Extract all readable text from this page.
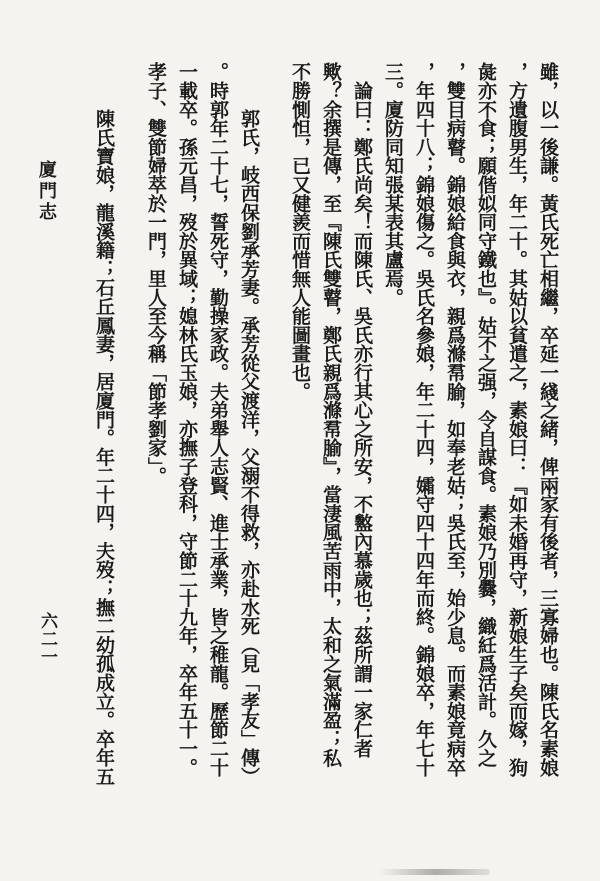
雖，以一後謙。黃氏死亡相繼，卒延一綫之緒，俾兩家有後者，三寡婦也。陳氏名素娘
，方遺腹男生，年二十。其姑以貧遣之，素娘曰：『如未婚再守，新娘生子矣而嫁，狗
彘亦不食；願偕姒同守鐵也』。姑不之强，令自謀食。素娘乃別爨，織紝爲活計。久之
，雙目病瞽。錦娘給食與衣，親爲滌帬腧，如奉老姑；吳氏至，始少息。而素娘竟病卒
，年四十八；錦娘傷之。吳氏名參娘，年二十四，孀守四十四年而終。錦娘卒，年七十
三。廈防同知張某表其盧焉。
　論曰：鄭氏尚矣！而陳氏、吳氏亦行其心之所安，不盭內慕歲也；茲所謂一家仁者
歟？余撰是傳，至『陳氏雙瞽，鄭氏親爲滌帬腧』，當淒風苦雨中，太和之氣滿盈；私
不勝惻怛，已又健羨而惜無人能圖畫也。
　郭氏，岐西保劉承芳妻。承芳從父渡洋，父溺不得救，亦赴水死（見「孝友」傳）
。時郭年二十七，誓死守，勤操家政。夫弟舉人志賢、進士承業，皆之稚龍。歷節二十
一載卒。孫元昌，歿於異域；媳林氏玉娘，亦撫子登科，守節二十九年，卒年五十一。
孝子、雙節婦萃於一門，里人至今稱「節孝劉家」。
　陳氏寶娘，龍溪籍；石丘鳳妻，居廈門。年二十四，夫歿；撫二幼孤成立。卒年五
廈門志
六二一
